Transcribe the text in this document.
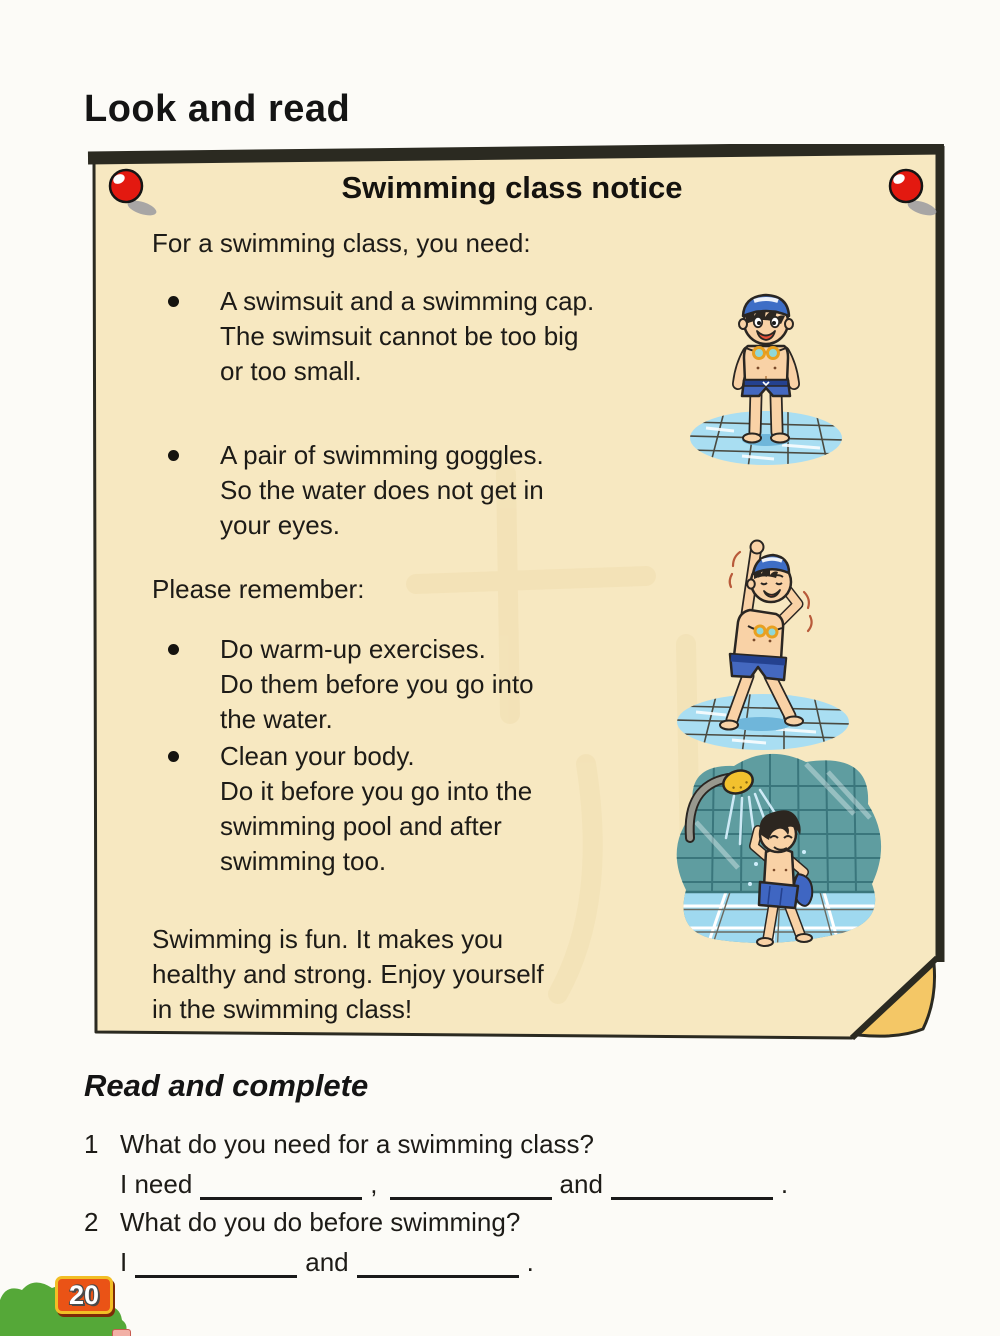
Look and read
Swimming class notice
For a swimming class, you need:
A swimsuit and a swimming cap.
The swimsuit cannot be too big
or too small.
A pair of swimming goggles.
So the water does not get in
your eyes.
Please remember:
Do warm-up exercises.
Do them before you go into
the water.
Clean your body.
Do it before you go into the
swimming pool and after
swimming too.
Swimming is fun. It makes you
healthy and strong. Enjoy yourself
in the swimming class!
Read and complete
1 What do you need for a swimming class?
I need	,	and	.
2 What do you do before swimming?
I	and	.
20
